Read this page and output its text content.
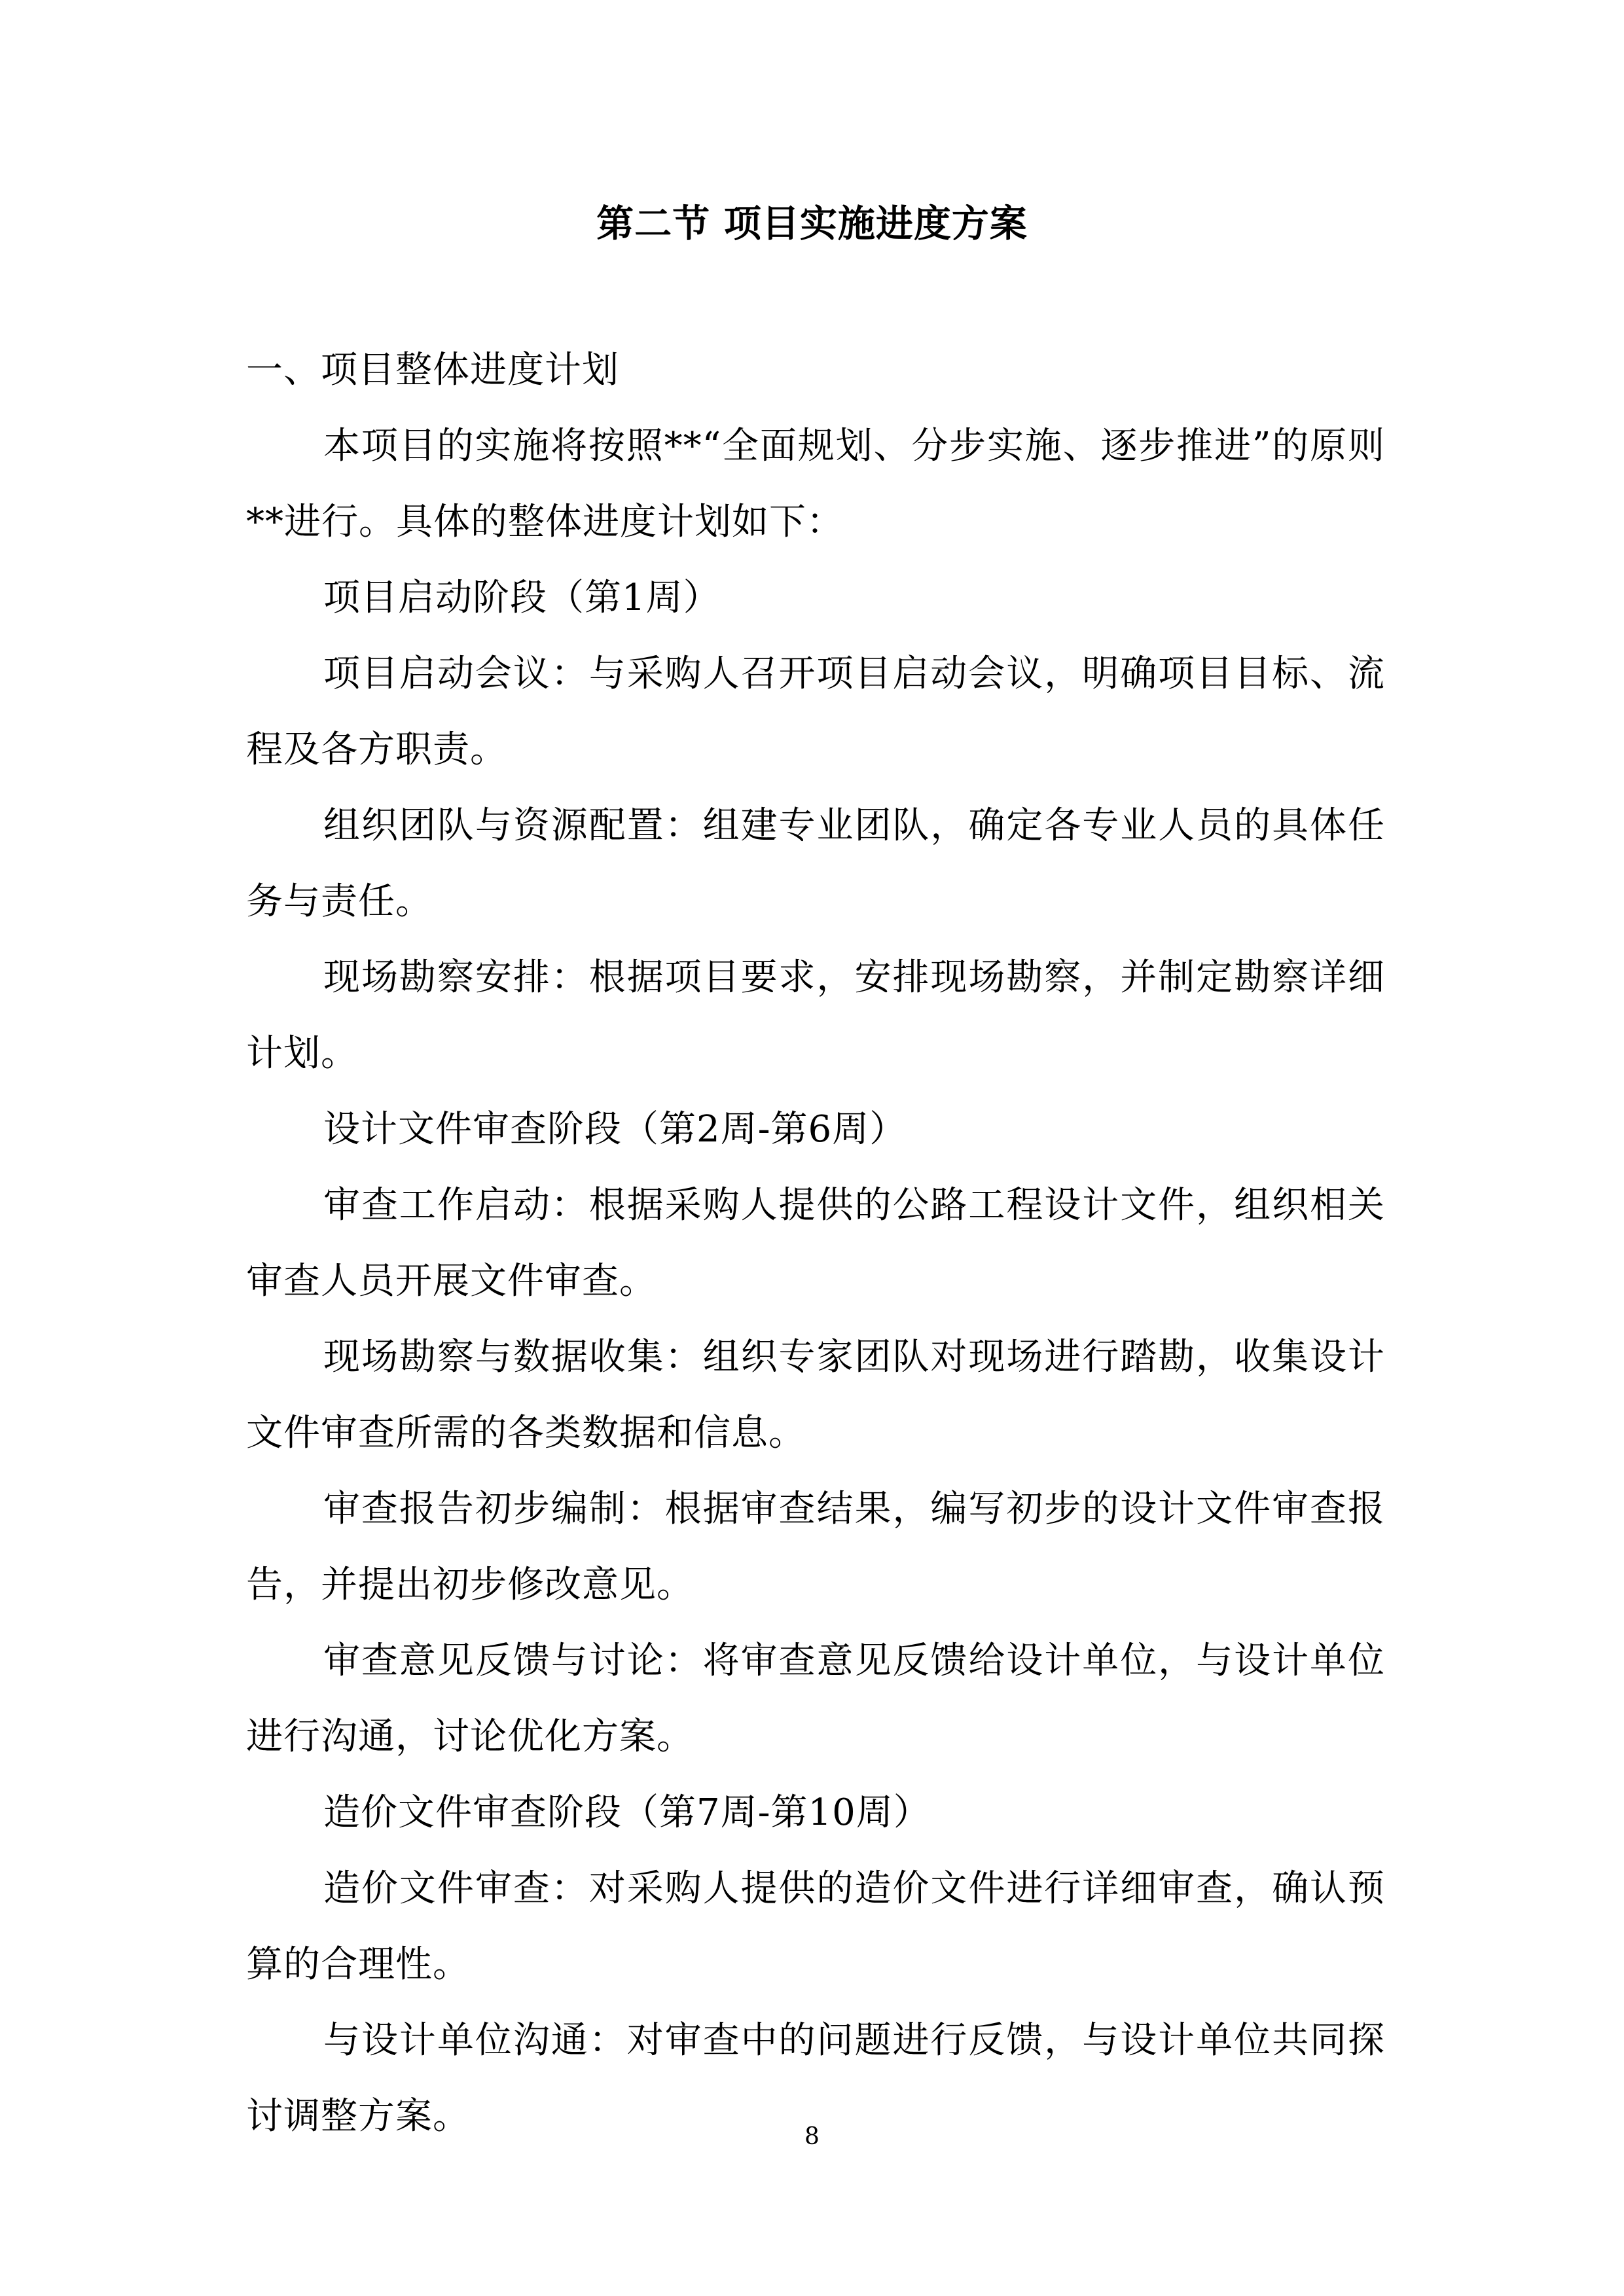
第二节 项目实施进度方案

一、项目整体进度计划

本项目的实施将按照**“全面规划、分步实施、逐步推进”的原则**进行。具体的整体进度计划如下：

项目启动阶段（第1周）

项目启动会议：与采购人召开项目启动会议，明确项目目标、流程及各方职责。

组织团队与资源配置：组建专业团队，确定各专业人员的具体任务与责任。

现场勘察安排：根据项目要求，安排现场勘察，并制定勘察详细计划。

设计文件审查阶段（第2周-第6周）

审查工作启动：根据采购人提供的公路工程设计文件，组织相关审查人员开展文件审查。

现场勘察与数据收集：组织专家团队对现场进行踏勘，收集设计文件审查所需的各类数据和信息。

审查报告初步编制：根据审查结果，编写初步的设计文件审查报告，并提出初步修改意见。

审查意见反馈与讨论：将审查意见反馈给设计单位，与设计单位进行沟通，讨论优化方案。

造价文件审查阶段（第7周-第10周）

造价文件审查：对采购人提供的造价文件进行详细审查，确认预算的合理性。

与设计单位沟通：对审查中的问题进行反馈，与设计单位共同探讨调整方案。	8
